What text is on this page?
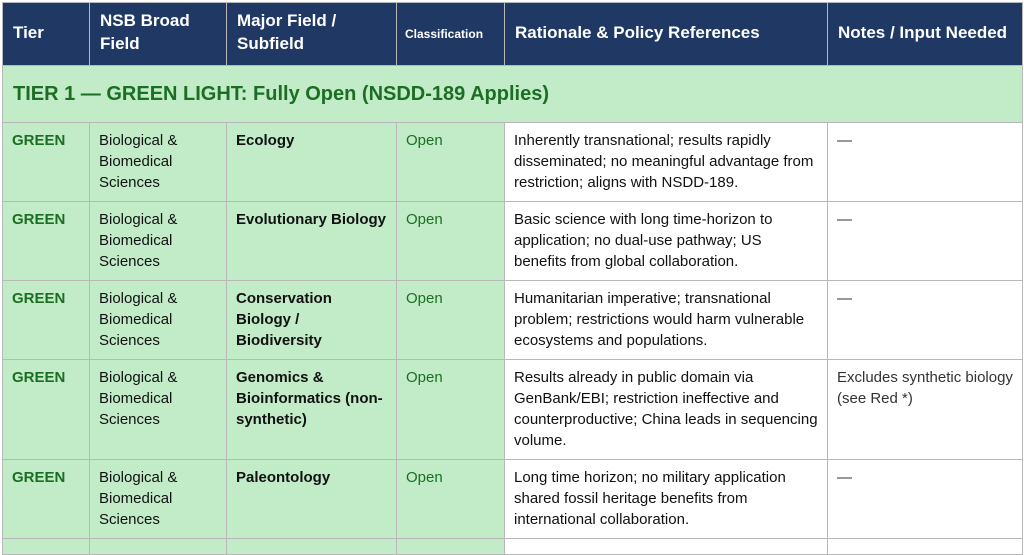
Tier	NSB Broad Field	Major Field / Subfield	Classification	Rationale & Policy References	Notes / Input Needed
TIER 1 — GREEN LIGHT: Fully Open (NSDD-189 Applies)					
GREEN	Biological & Biomedical Sciences	Ecology	Open	Inherently transnational; results rapidly disseminated; no meaningful advantage from restriction; aligns with NSDD-189.	—
GREEN	Biological & Biomedical Sciences	Evolutionary Biology	Open	Basic science with long time-horizon to application; no dual-use pathway; US benefits from global collaboration.	—
GREEN	Biological & Biomedical Sciences	Conservation Biology / Biodiversity	Open	Humanitarian imperative; transnational problem; restrictions would harm vulnerable ecosystems and populations.	—
GREEN	Biological & Biomedical Sciences	Genomics & Bioinformatics (non-synthetic)	Open	Results already in public domain via GenBank/EBI; restriction ineffective and counterproductive; China leads in sequencing volume.	Excludes synthetic biology (see Red *)
GREEN	Biological & Biomedical Sciences	Paleontology	Open	Long time horizon; no military application shared fossil heritage benefits from international collaboration.	—
